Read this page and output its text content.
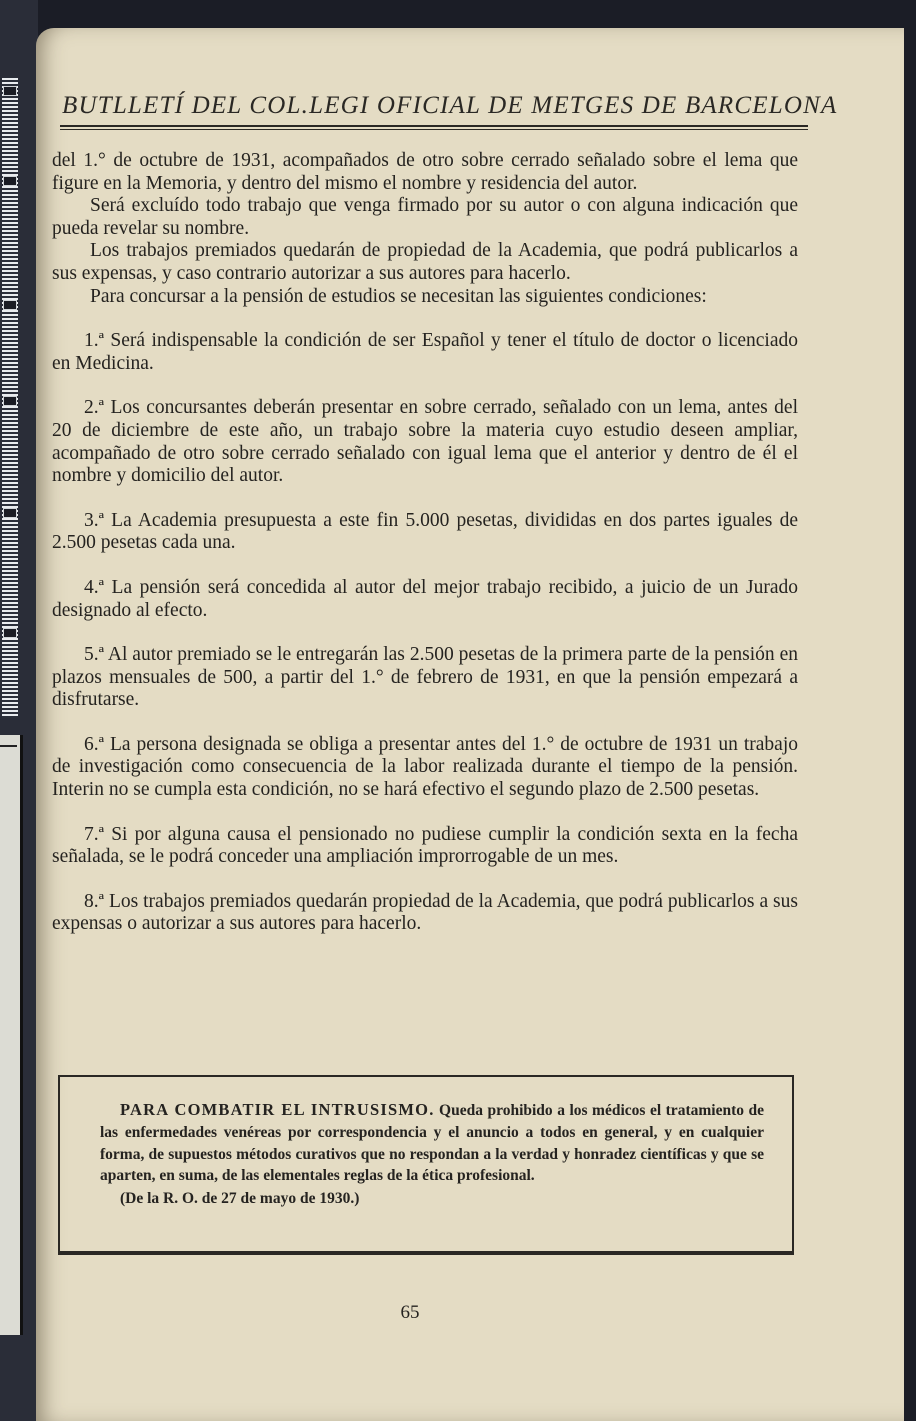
BUTLLETÍ DEL COL.LEGI OFICIAL DE METGES DE BARCELONA

del 1.° de octubre de 1931, acompañados de otro sobre cerrado señalado sobre el lema que figure en la Memoria, y dentro del mismo el nombre y residencia del autor.

Será excluído todo trabajo que venga firmado por su autor o con alguna indicación que pueda revelar su nombre.

Los trabajos premiados quedarán de propiedad de la Academia, que podrá publicarlos a sus expensas, y caso contrario autorizar a sus autores para hacerlo.

Para concursar a la pensión de estudios se necesitan las siguientes condiciones:

1.ª Será indispensable la condición de ser Español y tener el título de doctor o licenciado en Medicina.

2.ª Los concursantes deberán presentar en sobre cerrado, señalado con un lema, antes del 20 de diciembre de este año, un trabajo sobre la materia cuyo estudio deseen ampliar, acompañado de otro sobre cerrado señalado con igual lema que el anterior y dentro de él el nombre y domicilio del autor.

3.ª La Academia presupuesta a este fin 5.000 pesetas, divididas en dos partes iguales de 2.500 pesetas cada una.

4.ª La pensión será concedida al autor del mejor trabajo recibido, a juicio de un Jurado designado al efecto.

5.ª Al autor premiado se le entregarán las 2.500 pesetas de la primera parte de la pensión en plazos mensuales de 500, a partir del 1.° de febrero de 1931, en que la pensión empezará a disfrutarse.

6.ª La persona designada se obliga a presentar antes del 1.° de octubre de 1931 un trabajo de investigación como consecuencia de la labor realizada durante el tiempo de la pensión. Interin no se cumpla esta condición, no se hará efectivo el segundo plazo de 2.500 pesetas.

7.ª Si por alguna causa el pensionado no pudiese cumplir la condición sexta en la fecha señalada, se le podrá conceder una ampliación improrrogable de un mes.

8.ª Los trabajos premiados quedarán propiedad de la Academia, que podrá publicarlos a sus expensas o autorizar a sus autores para hacerlo.

PARA COMBATIR EL INTRUSISMO. Queda prohibido a los médicos el tratamiento de las enfermedades venéreas por correspondencia y el anuncio a todos en general, y en cualquier forma, de supuestos métodos curativos que no respondan a la verdad y honradez científicas y que se aparten, en suma, de las elementales reglas de la ética profesional.
(De la R. O. de 27 de mayo de 1930.)
65
